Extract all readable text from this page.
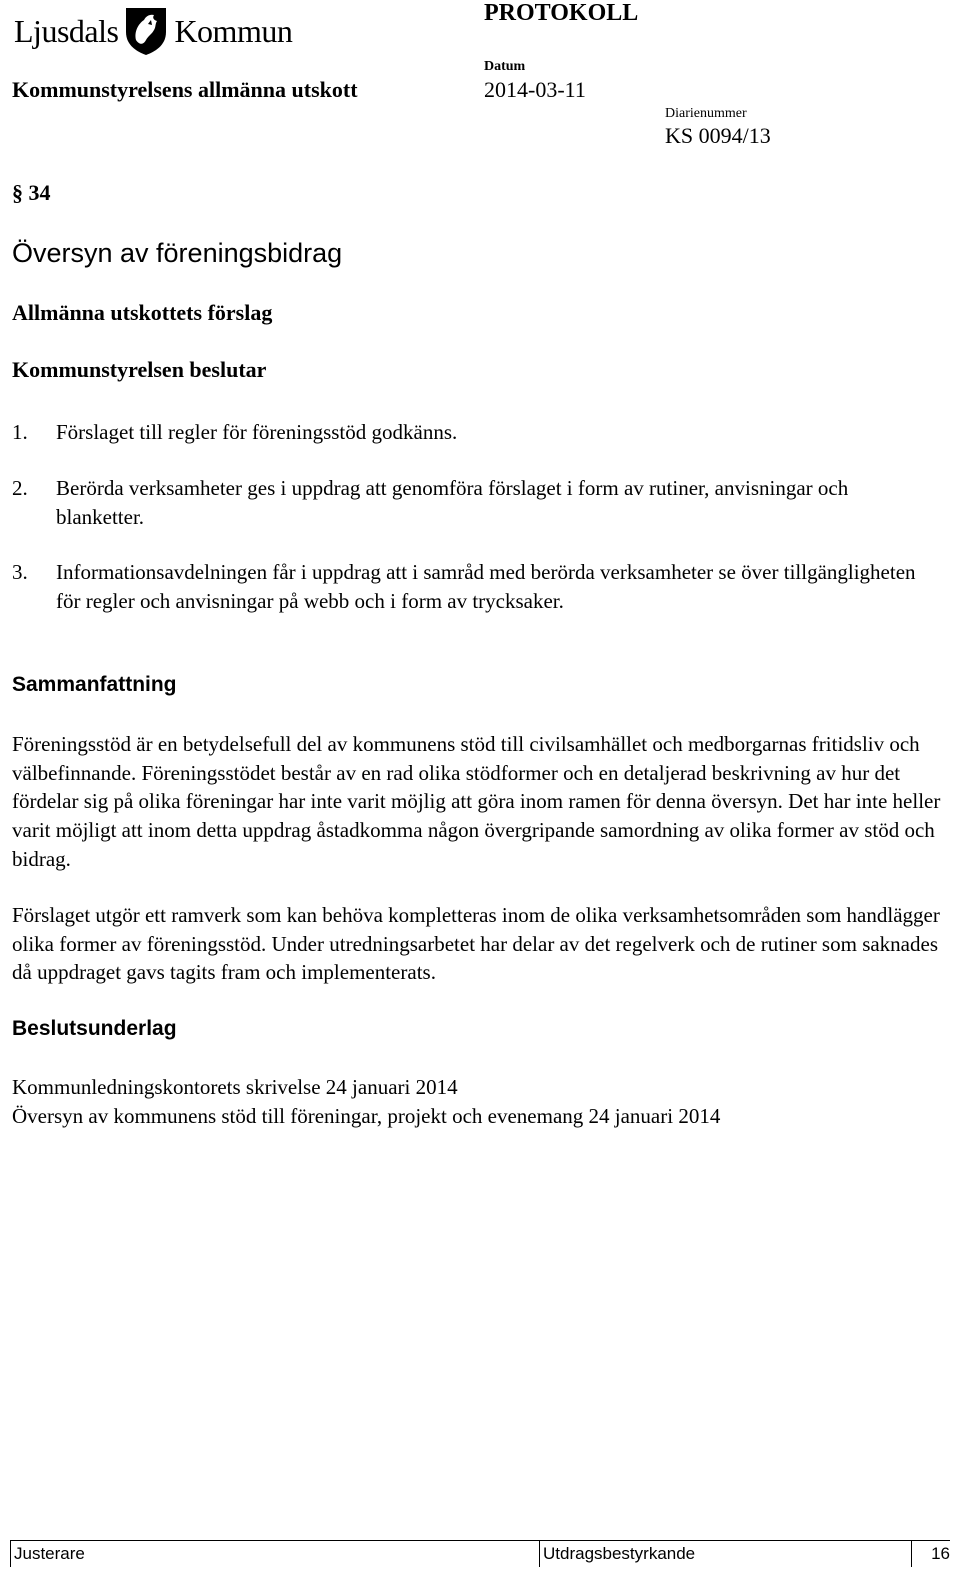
Ljusdals Kommun	PROTOKOLL
Kommunstyrelsens allmänna utskott
Datum
2014-03-11
Diarienummer
KS 0094/13
§ 34
Översyn av föreningsbidrag
Allmänna utskottets förslag
Kommunstyrelsen beslutar
1. Förslaget till regler för föreningsstöd godkänns.
2. Berörda verksamheter ges i uppdrag att genomföra förslaget i form av rutiner, anvisningar och blanketter.
3. Informationsavdelningen får i uppdrag att i samråd med berörda verksamheter se över tillgängligheten för regler och anvisningar på webb och i form av trycksaker.
Sammanfattning
Föreningsstöd är en betydelsefull del av kommunens stöd till civilsamhället och medborgarnas fritidsliv och välbefinnande. Föreningsstödet består av en rad olika stödformer och en detaljerad beskrivning av hur det fördelar sig på olika föreningar har inte varit möjlig att göra inom ramen för denna översyn. Det har inte heller varit möjligt att inom detta uppdrag åstadkomma någon övergripande samordning av olika former av stöd och bidrag.
Förslaget utgör ett ramverk som kan behöva kompletteras inom de olika verksamhetsområden som handlägger olika former av föreningsstöd. Under utredningsarbetet har delar av det regelverk och de rutiner som saknades då uppdraget gavs tagits fram och implementerats.
Beslutsunderlag
Kommunledningskontorets skrivelse 24 januari 2014
Översyn av kommunens stöd till föreningar, projekt och evenemang 24 januari 2014
Justerare	Utdragsbestyrkande	16
